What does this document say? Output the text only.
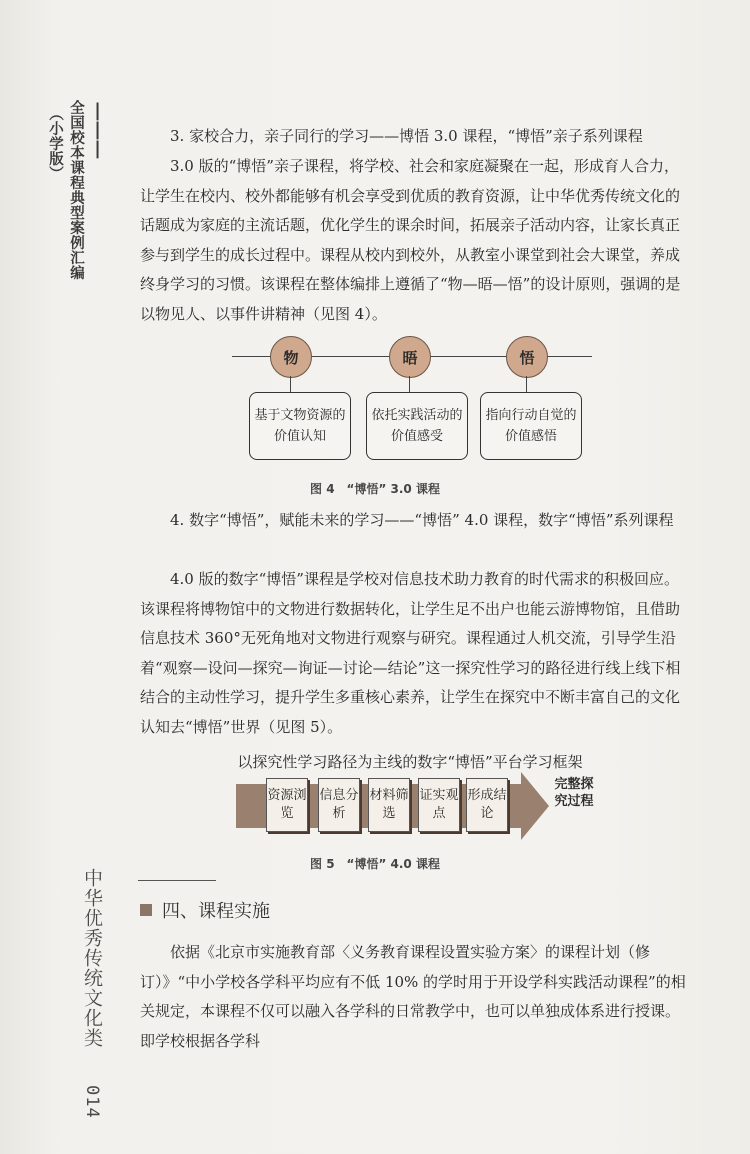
|||
全国校本课程典型案例汇编
（小学版）
中华优秀传统文化类 014
3. 家校合力，亲子同行的学习——博悟 3.0 课程，“博悟”亲子系列课程
3.0 版的“博悟”亲子课程，将学校、社会和家庭凝聚在一起，形成育人合力，让学生在校内、校外都能够有机会享受到优质的教育资源，让中华优秀传统文化的话题成为家庭的主流话题，优化学生的课余时间，拓展亲子活动内容，让家长真正参与到学生的成长过程中。课程从校内到校外，从教室小课堂到社会大课堂，养成终身学习的习惯。该课程在整体编排上遵循了“物—晤—悟”的设计原则，强调的是以物见人、以事件讲精神（见图 4）。
物
基于文物资源的价值认知
晤
依托实践活动的价值感受
悟
指向行动自觉的价值感悟
图 4　“博悟” 3.0 课程
4. 数字“博悟”，赋能未来的学习——“博悟” 4.0 课程，数字“博悟”系列课程
4.0 版的数字“博悟”课程是学校对信息技术助力教育的时代需求的积极回应。该课程将博物馆中的文物进行数据转化，让学生足不出户也能云游博物馆，且借助信息技术 360°无死角地对文物进行观察与研究。课程通过人机交流，引导学生沿着“观察—设问—探究—询证—讨论—结论”这一探究性学习的路径进行线上线下相结合的主动性学习，提升学生多重核心素养，让学生在探究中不断丰富自己的文化认知去“博悟”世界（见图 5）。
以探究性学习路径为主线的数字“博悟”平台学习框架
资源浏览
信息分析
材料筛选
证实观点
形成结论
完整探究过程
图 5　“博悟” 4.0 课程
四、课程实施
依据《北京市实施教育部〈义务教育课程设置实验方案〉的课程计划（修订）》“中小学校各学科平均应有不低 10% 的学时用于开设学科实践活动课程”的相关规定，本课程不仅可以融入各学科的日常教学中，也可以单独成体系进行授课。即学校根据各学科
